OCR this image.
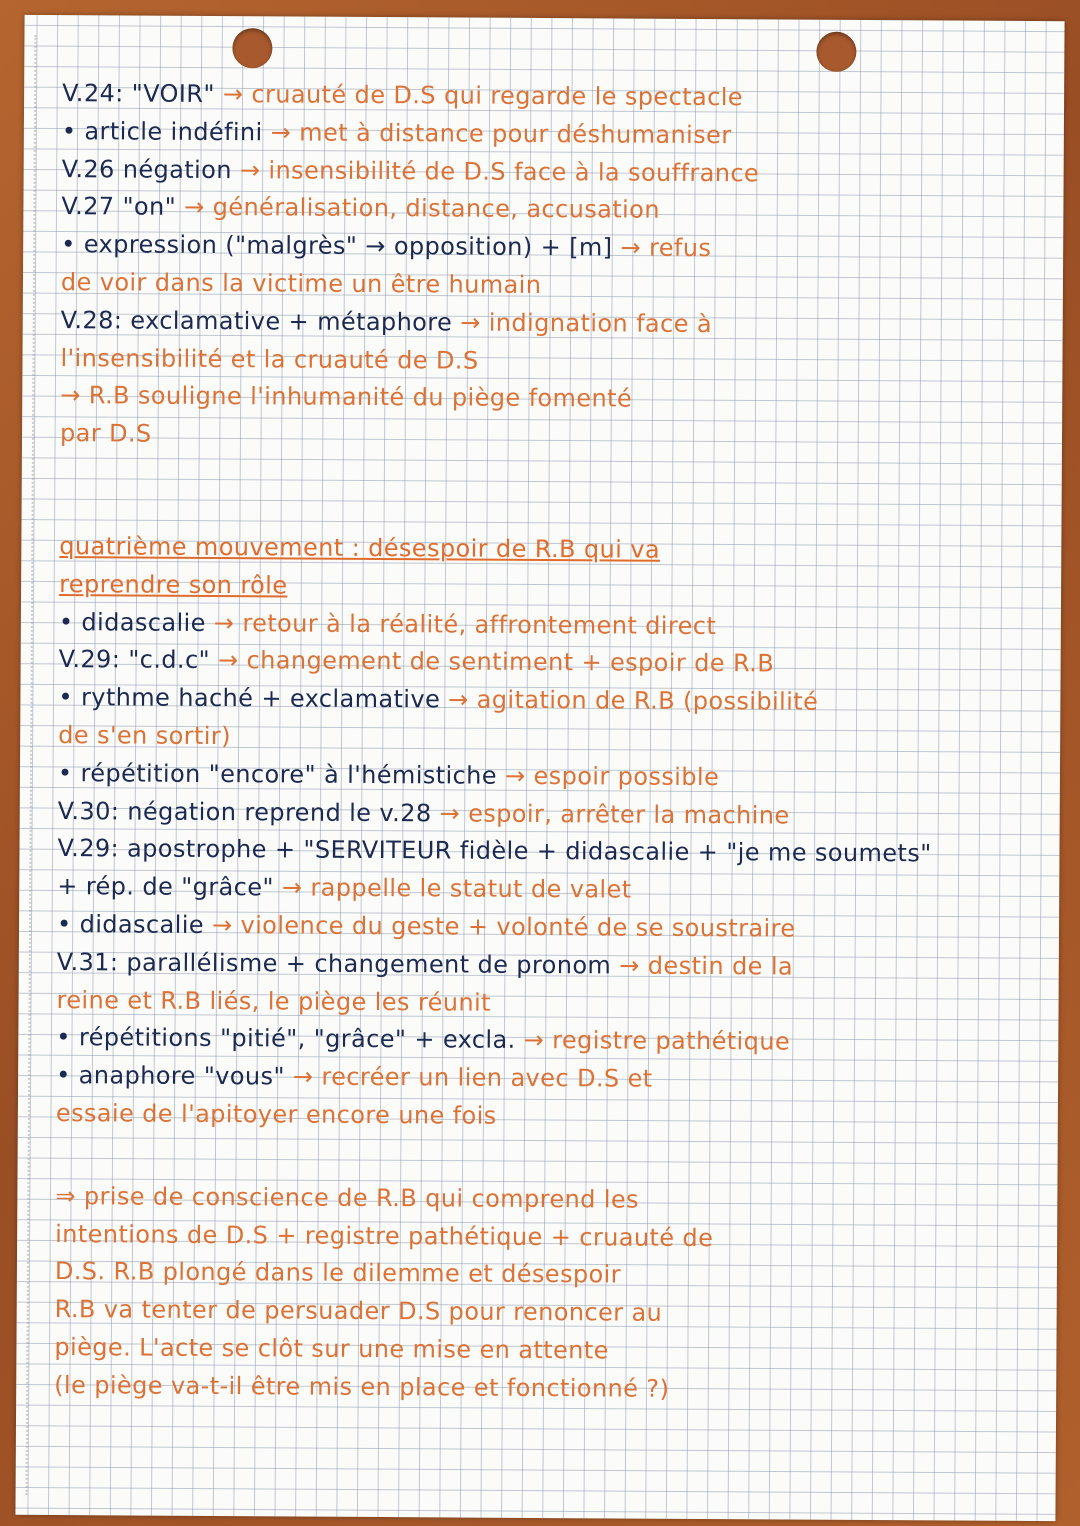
V.24: "VOIR" → cruauté de D.S qui regarde le spectacle
• article indéfini → met à distance pour déshumaniser
V.26 négation → insensibilité de D.S face à la souffrance
V.27 "on" → généralisation, distance, accusation
• expression ("malgrès" → opposition) + [m] → refus
de voir dans la victime un être humain
V.28: exclamative + métaphore → indignation face à
l'insensibilité et la cruauté de D.S
→ R.B souligne l'inhumanité du piège fomenté
par D.S
quatrième mouvement : désespoir de R.B qui va
reprendre son rôle
• didascalie → retour à la réalité, affrontement direct
V.29: "c.d.c" → changement de sentiment + espoir de R.B
• rythme haché + exclamative → agitation de R.B (possibilité
de s'en sortir)
• répétition "encore" à l'hémistiche → espoir possible
V.30: négation reprend le v.28 → espoir, arrêter la machine
V.29: apostrophe + "SERVITEUR fidèle + didascalie + "je me soumets"
+ rép. de "grâce" → rappelle le statut de valet
• didascalie → violence du geste + volonté de se soustraire
V.31: parallélisme + changement de pronom → destin de la
reine et R.B liés, le piège les réunit
• répétitions "pitié", "grâce" + excla. → registre pathétique
• anaphore "vous" → recréer un lien avec D.S et
essaie de l'apitoyer encore une fois
⇒ prise de conscience de R.B qui comprend les
intentions de D.S + registre pathétique + cruauté de
D.S. R.B plongé dans le dilemme et désespoir
R.B va tenter de persuader D.S pour renoncer au
piège. L'acte se clôt sur une mise en attente
(le piège va-t-il être mis en place et fonctionné ?)
